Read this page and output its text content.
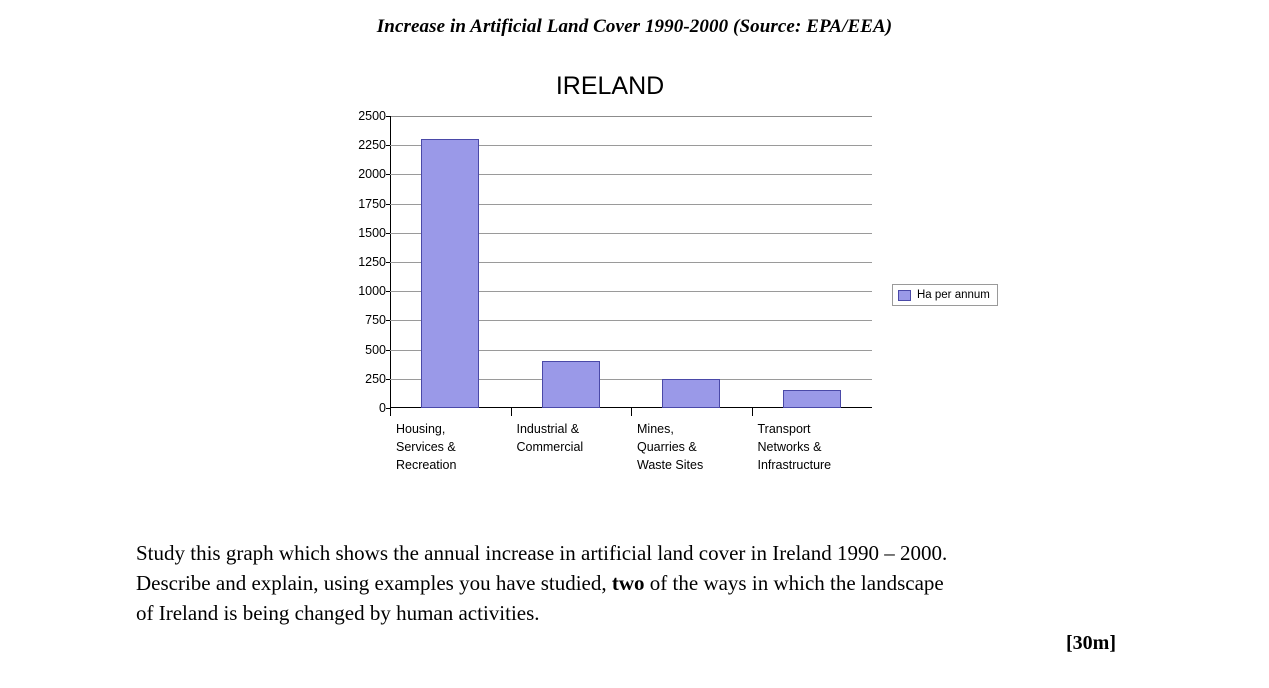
Increase in Artificial Land Cover 1990-2000 (Source: EPA/EEA)
IRELAND
0
250
500
750
1000
1250
1500
1750
2000
2250
2500
Housing,
Services &
Recreation
Industrial &
Commercial
Mines,
Quarries &
Waste Sites
Transport
Networks &
Infrastructure
Ha per annum
Study this graph which shows the annual increase in artificial land cover in Ireland 1990 – 2000.
Describe and explain, using examples you have studied, two of the ways in which the landscape
of Ireland is being changed by human activities.
[30m]
